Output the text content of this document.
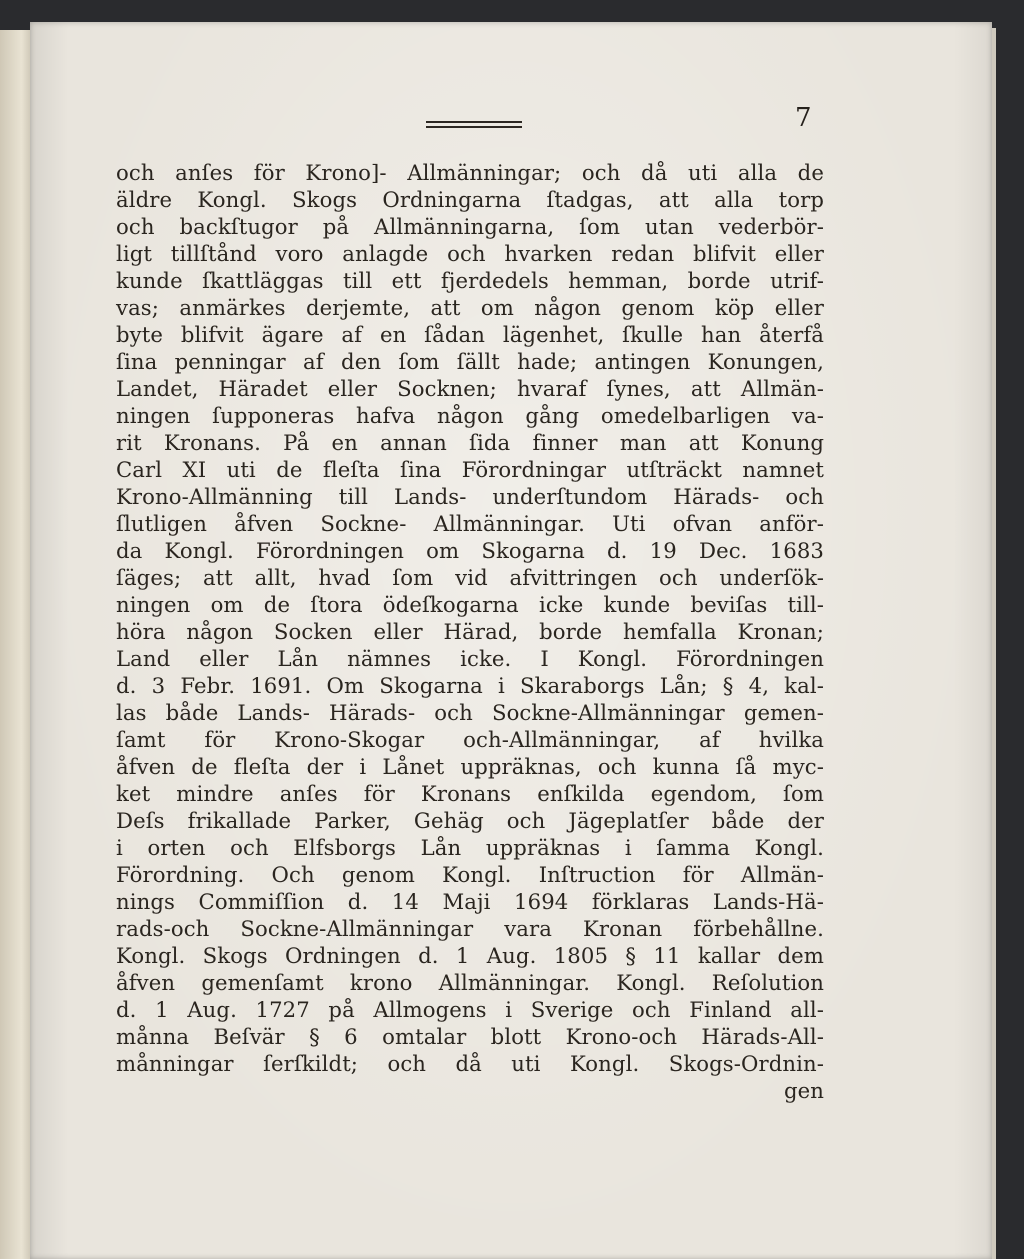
7
och anſes för Krono]- Allmänningar; och då uti alla de
äldre Kongl. Skogs Ordningarna ſtadgas, att alla torp
och backſtugor på Allmänningarna, ſom utan vederbör-
ligt tillſtånd voro anlagde och hvarken redan blifvit eller
kunde ſkattläggas till ett fjerdedels hemman, borde utrif-
vas; anmärkes derjemte, att om någon genom köp eller
byte blifvit ägare af en ſådan lägenhet, ſkulle han återfå
ſina penningar af den ſom ſällt hade; antingen Konungen,
Landet, Häradet eller Socknen; hvaraf ſynes, att Allmän-
ningen ſupponeras hafva någon gång omedelbarligen va-
rit Kronans. På en annan ſida finner man att Konung
Carl XI uti de fleſta ſina Förordningar utſträckt namnet
Krono-Allmänning till Lands- underſtundom Härads- och
ſlutligen åfven Sockne- Allmänningar. Uti ofvan anför-
da Kongl. Förordningen om Skogarna d. 19 Dec. 1683
ſäges; att allt, hvad ſom vid afvittringen och underſök-
ningen om de ſtora ödeſkogarna icke kunde beviſas till-
höra någon Socken eller Härad, borde hemfalla Kronan;
Land eller Lån nämnes icke. I Kongl. Förordningen
d. 3 Febr. 1691. Om Skogarna i Skaraborgs Lån; § 4, kal-
las både Lands- Härads- och Sockne-Allmänningar gemen-
ſamt för Krono-Skogar och-Allmänningar, af hvilka
åfven de fleſta der i Lånet uppräknas, och kunna ſå myc-
ket mindre anſes för Kronans enſkilda egendom, ſom
Deſs frikallade Parker, Gehäg och Jägeplatſer både der
i orten och Elfsborgs Lån uppräknas i ſamma Kongl.
Förordning. Och genom Kongl. Inſtruction för Allmän-
nings Commiſſion d. 14 Maji 1694 förklaras Lands-Hä-
rads-och Sockne-Allmänningar vara Kronan förbehållne.
Kongl. Skogs Ordningen d. 1 Aug. 1805 § 11 kallar dem
åfven gemenſamt krono Allmänningar. Kongl. Reſolution
d. 1 Aug. 1727 på Allmogens i Sverige och Finland all-
månna Beſvär § 6 omtalar blott Krono-och Härads-All-
månningar ſerſkildt; och då uti Kongl. Skogs-Ordnin-
gen
